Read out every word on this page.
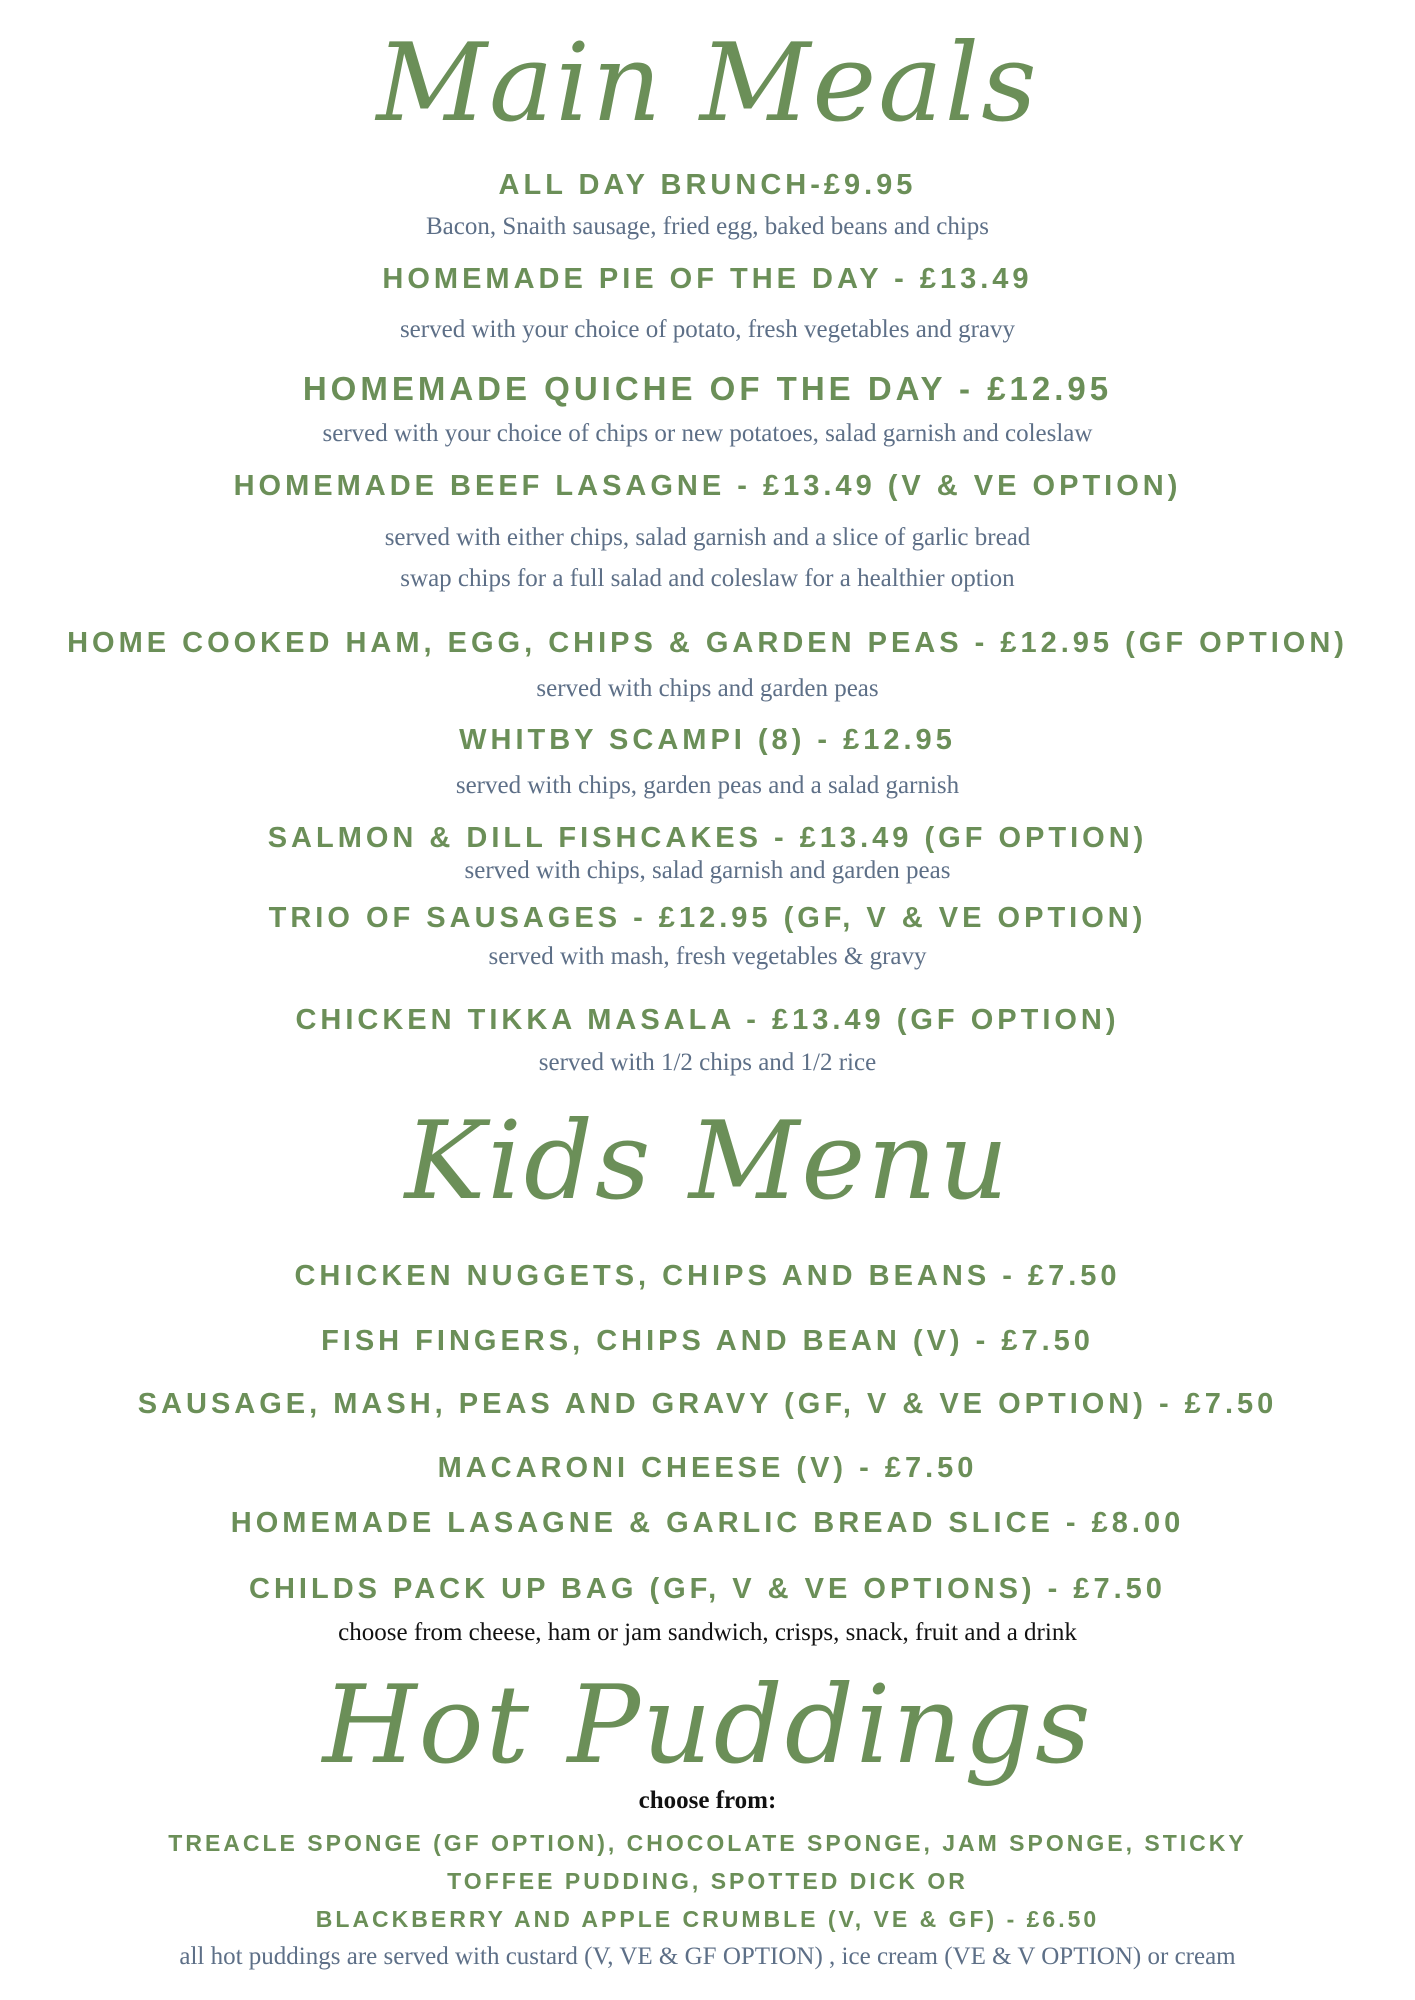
Main Meals
ALL DAY BRUNCH-£9.95
Bacon, Snaith sausage, fried egg, baked beans and chips
HOMEMADE PIE OF THE DAY - £13.49
served with your choice of potato, fresh vegetables and gravy
HOMEMADE QUICHE OF THE DAY - £12.95
served with your choice of chips or new potatoes, salad garnish and coleslaw
HOMEMADE BEEF LASAGNE - £13.49 (V & VE OPTION)
served with either chips, salad garnish and a slice of garlic bread
swap chips for a full salad and coleslaw for a healthier option
HOME COOKED HAM, EGG, CHIPS & GARDEN PEAS - £12.95 (GF OPTION)
served with chips and garden peas
WHITBY SCAMPI (8) - £12.95
served with chips, garden peas and a salad garnish
SALMON & DILL FISHCAKES - £13.49 (GF OPTION)
served with chips, salad garnish and garden peas
TRIO OF SAUSAGES - £12.95 (GF, V & VE OPTION)
served with mash, fresh vegetables & gravy
CHICKEN TIKKA MASALA - £13.49 (GF OPTION)
served with 1/2 chips and 1/2 rice
Kids Menu
CHICKEN NUGGETS, CHIPS AND BEANS - £7.50
FISH FINGERS, CHIPS AND BEAN (V) - £7.50
SAUSAGE, MASH, PEAS AND GRAVY (GF, V & VE OPTION) - £7.50
MACARONI CHEESE (V) - £7.50
HOMEMADE LASAGNE & GARLIC BREAD SLICE - £8.00
CHILDS PACK UP BAG (GF, V & VE OPTIONS) - £7.50
choose from cheese, ham or jam sandwich, crisps, snack, fruit and a drink
Hot Puddings
choose from:
TREACLE SPONGE (GF OPTION), CHOCOLATE SPONGE, JAM SPONGE, STICKY
TOFFEE PUDDING, SPOTTED DICK OR
BLACKBERRY AND APPLE CRUMBLE (V, VE & GF) - £6.50
all hot puddings are served with custard (V, VE & GF OPTION) , ice cream (VE & V OPTION) or cream
